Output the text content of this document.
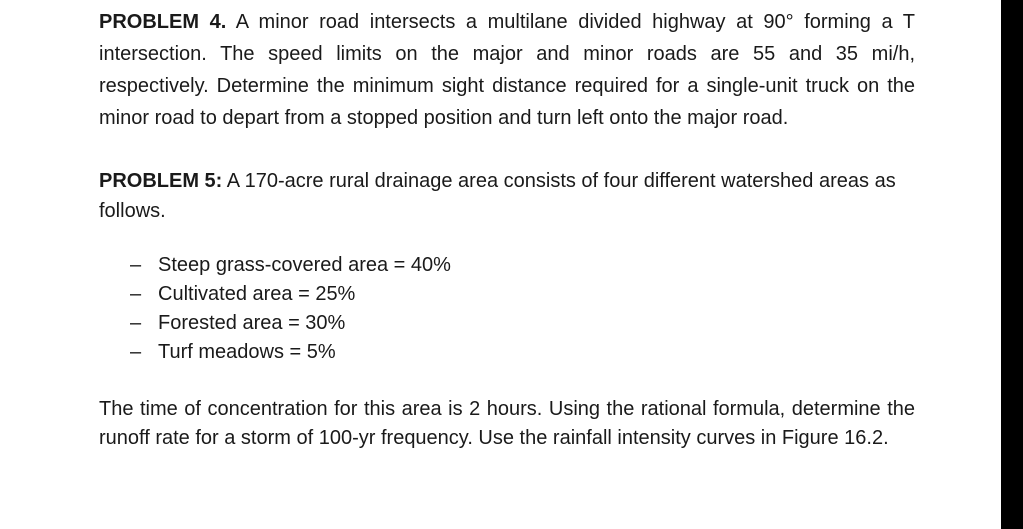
PROBLEM 4. A minor road intersects a multilane divided highway at 90° forming a T intersection. The speed limits on the major and minor roads are 55 and 35 mi/h, respectively. Determine the minimum sight distance required for a single-unit truck on the minor road to depart from a stopped position and turn left onto the major road.

PROBLEM 5: A 170-acre rural drainage area consists of four different watershed areas as follows.

– Steep grass-covered area = 40%
– Cultivated area = 25%
– Forested area = 30%
– Turf meadows = 5%

The time of concentration for this area is 2 hours. Using the rational formula, determine the runoff rate for a storm of 100-yr frequency. Use the rainfall intensity curves in Figure 16.2.
